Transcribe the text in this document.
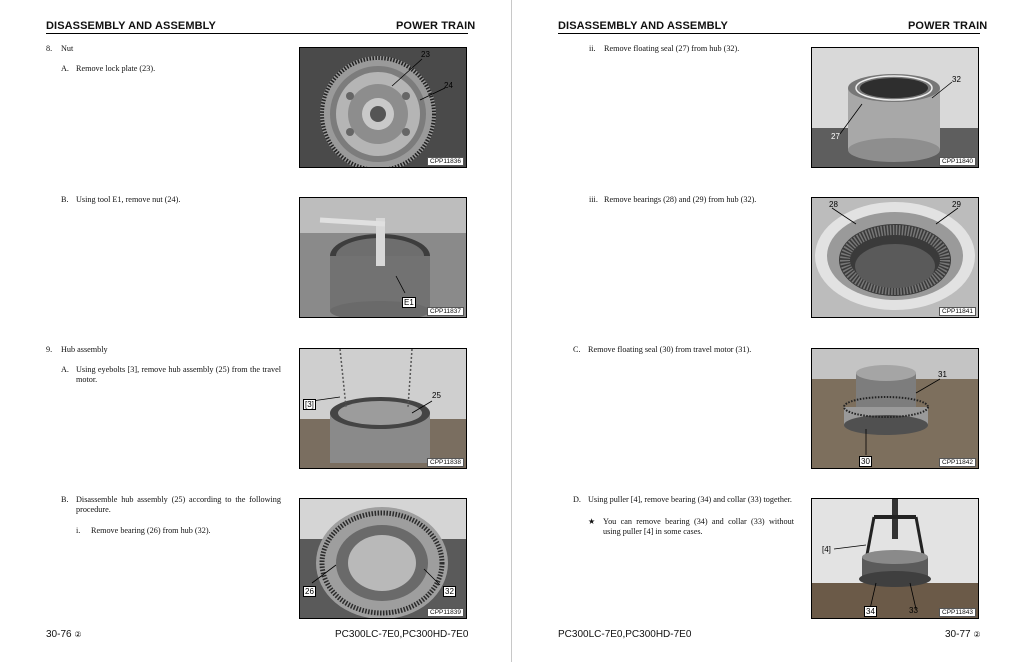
DISASSEMBLY AND ASSEMBLY	POWER TRAIN
8. Nut
A. Remove lock plate (23).
23
24
CPP11836
B. Using tool E1, remove nut (24).
E1
CPP11837
9. Hub assembly
A. Using eyebolts [3], remove hub assembly (25) from the travel motor.
[3]
25
CPP11838
B. Disassemble hub assembly (25) according to the following procedure.
i. Remove bearing (26) from hub (32).
26	32
CPP11839
30-76 ②	PC300LC-7E0,PC300HD-7E0
DISASSEMBLY AND ASSEMBLY	POWER TRAIN
ii. Remove floating seal (27) from hub (32).
32
27
CPP11840
iii. Remove bearings (28) and (29) from hub (32).
28	29
CPP11841
C. Remove floating seal (30) from travel motor (31).
31
30	CPP11842
D. Using puller [4], remove bearing (34) and collar (33) together.
★ You can remove bearing (34) and collar (33) without using puller [4] in some cases.
[4]
34	33	CPP11843
PC300LC-7E0,PC300HD-7E0	30-77 ②
